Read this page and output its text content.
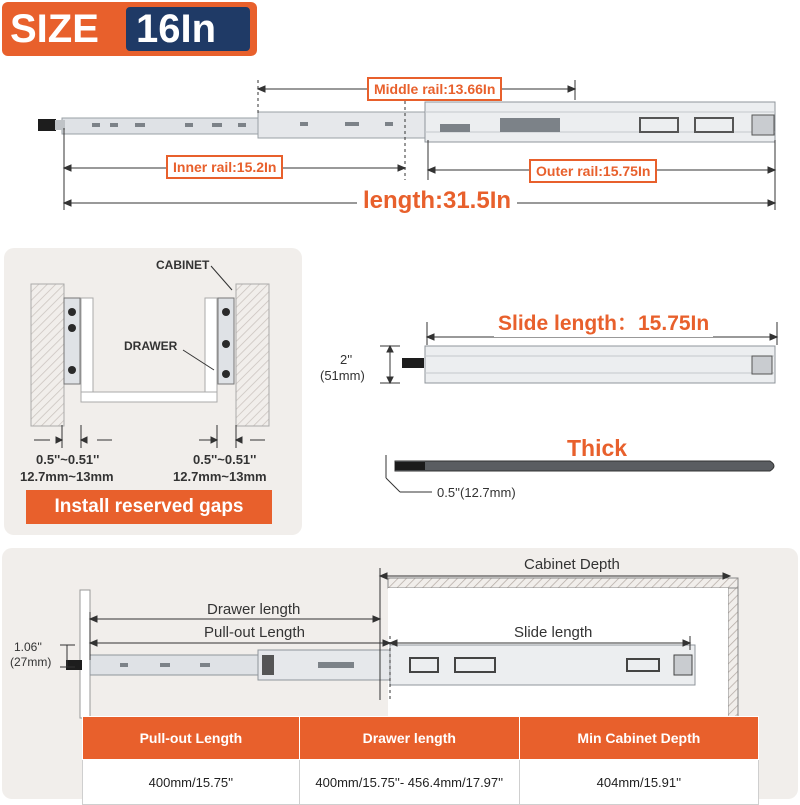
SIZE 16In
Middle rail:13.66In
Inner rail:15.2In	Outer rail:15.75In
length:31.5In
CABINET
DRAWER
0.5''~0.51''
12.7mm~13mm
0.5''~0.51''
12.7mm~13mm
Install reserved gaps
Slide length：15.75In
2''
(51mm)
Thick
0.5''(12.7mm)
Cabinet Depth
Drawer length
Pull-out Length	Slide length
1.06''
(27mm)
Pull-out Length	Drawer length	Min Cabinet Depth
400mm/15.75''	400mm/15.75''- 456.4mm/17.97''	404mm/15.91''
